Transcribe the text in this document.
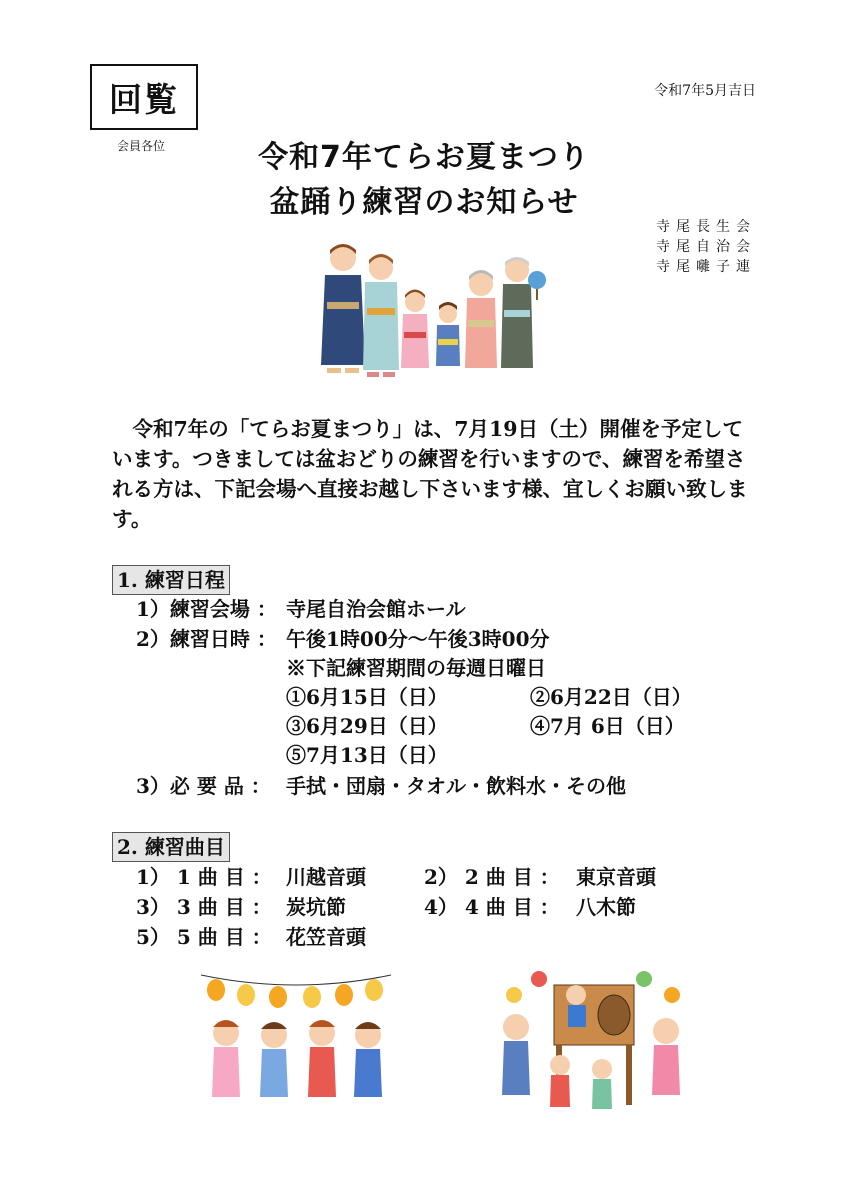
回覧
会員各位
令和7年5月吉日
令和7年てらお夏まつり
盆踊り練習のお知らせ
寺尾長生会
寺尾自治会
寺尾囃子連
令和7年の「てらお夏まつり」は、7月19日（土）開催を予定しています。つきましては盆おどりの練習を行いますので、練習を希望される方は、下記会場へ直接お越し下さいます様、宜しくお願い致します。
1. 練習日程
1）練習会場 ： 寺尾自治会館ホール
2）練習日時 ： 午後1時00分～午後3時00分
※下記練習期間の毎週日曜日
①6月15日（日）	②6月22日（日）
③6月29日（日）	④7月 6日（日）
⑤7月13日（日）
3）必 要 品 ： 手拭・団扇・タオル・飲料水・その他
2. 練習曲目
1） 1 曲 目 ： 川越音頭	2） 2 曲 目 ： 東京音頭
3） 3 曲 目 ： 炭坑節	4） 4 曲 目 ： 八木節
5） 5 曲 目 ： 花笠音頭
